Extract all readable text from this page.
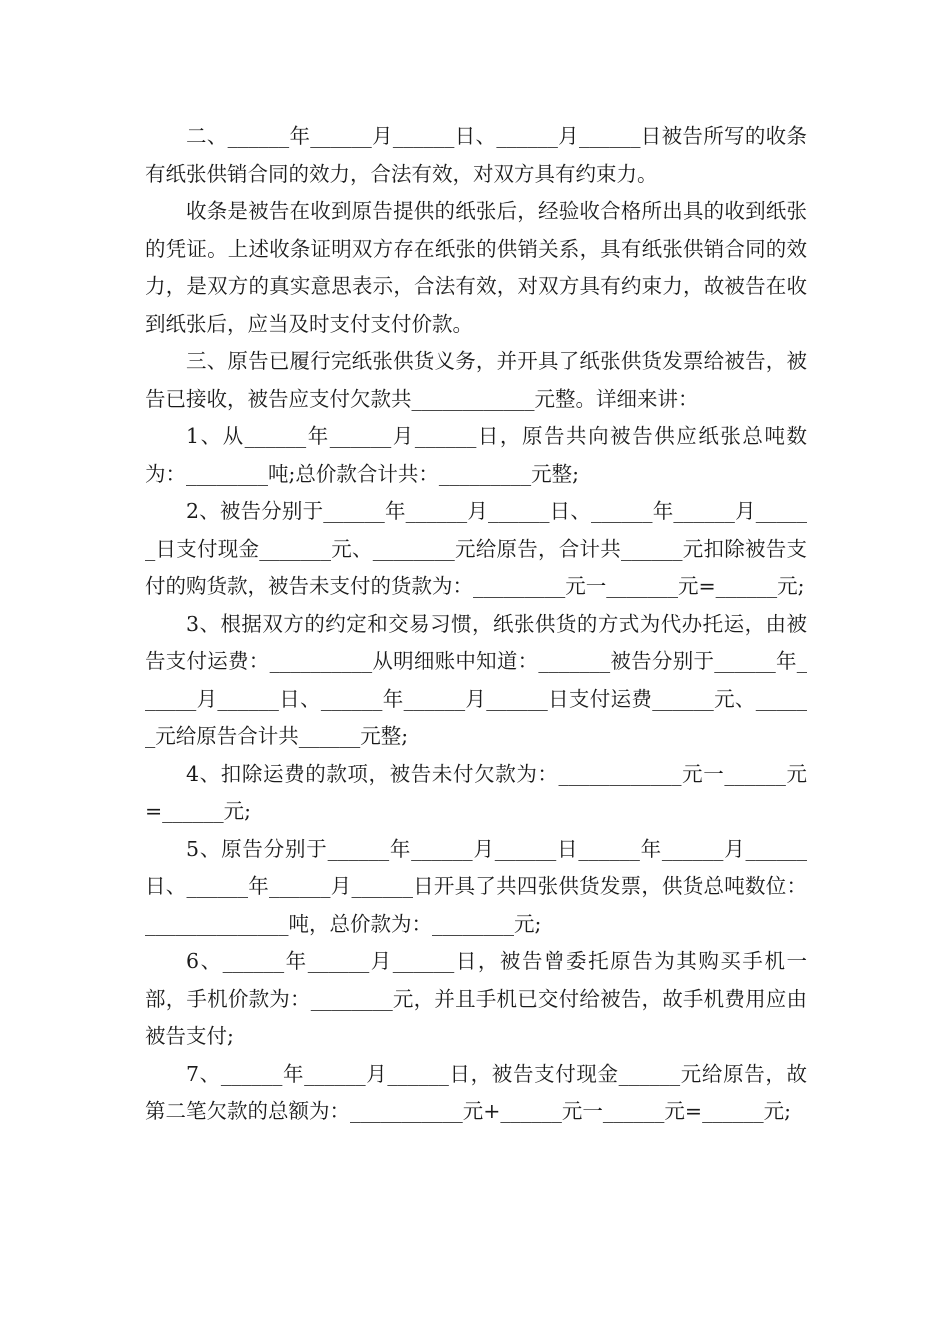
二、______年______月______日、______月______日被告所写的收条有纸张供销合同的效力，合法有效，对双方具有约束力。

收条是被告在收到原告提供的纸张后，经验收合格所出具的收到纸张的凭证。上述收条证明双方存在纸张的供销关系，具有纸张供销合同的效力，是双方的真实意思表示，合法有效，对双方具有约束力，故被告在收到纸张后，应当及时支付支付价款。

三、原告已履行完纸张供货义务，并开具了纸张供货发票给被告，被告已接收，被告应支付欠款共____________元整。详细来讲：

1、从______年______月______日，原告共向被告供应纸张总吨数为：________吨;总价款合计共：_________元整;

2、被告分别于______年______月______日、______年______月______日支付现金_______元、________元给原告，合计共______元扣除被告支付的购货款，被告未支付的货款为：_________元一_______元=______元;

3、根据双方的约定和交易习惯，纸张供货的方式为代办托运，由被告支付运费：__________从明细账中知道：_______被告分别于______年______月______日、______年______月______日支付运费______元、______元给原告合计共______元整;

4、扣除运费的款项，被告未付欠款为：____________元一______元=______元;

5、原告分别于______年______月______日______年______月______日、______年______月______日开具了共四张供货发票，供货总吨数位：______________吨，总价款为：________元;

6、______年______月______日，被告曾委托原告为其购买手机一部，手机价款为：________元，并且手机已交付给被告，故手机费用应由被告支付;

7、______年______月______日，被告支付现金______元给原告，故第二笔欠款的总额为：___________元+______元一______元=______元;
